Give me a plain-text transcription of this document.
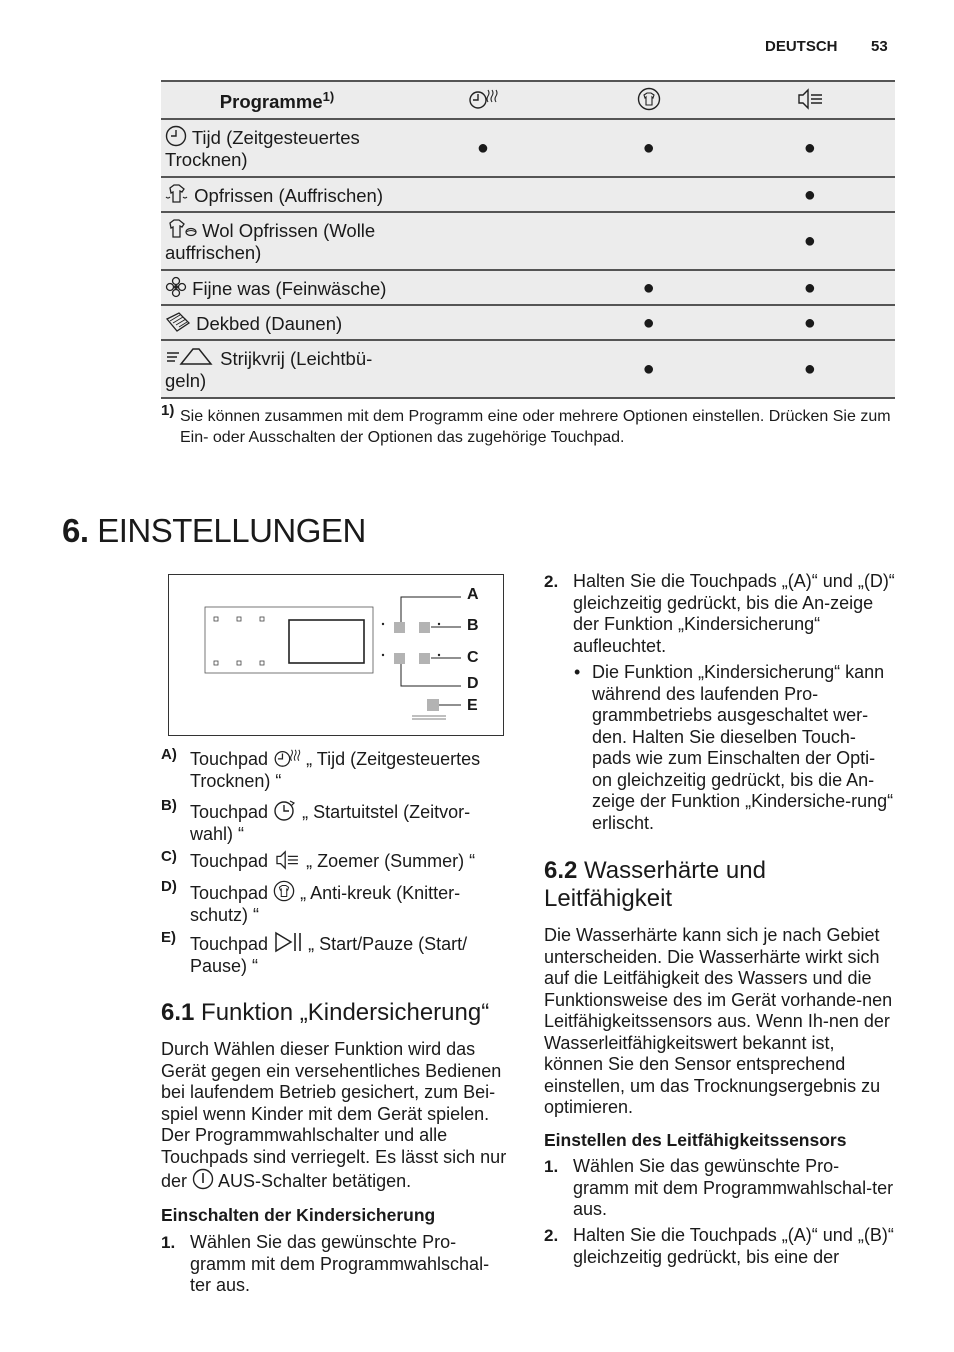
DEUTSCH 53
Programme$^{1)}$			
Tijd (Zeitgesteuertes Trocknen)	●	●	●
Opfrissen (Auffrischen)			●
Wol Opfrissen (Wolle auffrischen)			●
Fijne was (Feinwäsche)		●	●
Dekbed (Daunen)		●	●
Strijkvrij (Leichtbü-geln)		●	●
1) Sie können zusammen mit dem Programm eine oder mehrere Optionen einstellen. Drücken Sie zum Ein- oder Ausschalten der Optionen das zugehörige Touchpad.
6. EINSTELLUNGEN
A
B
C
D
E
A) Touchpad „ Tijd (Zeitgesteuertes Trocknen) “
B) Touchpad „ Startuitstel (Zeitvor-wahl) “
C) Touchpad „ Zoemer (Summer) “
D) Touchpad „ Anti-kreuk (Knitter-schutz) “
E) Touchpad „ Start/Pauze (Start/ Pause) “
6.1 Funktion „Kindersicherung“
Durch Wählen dieser Funktion wird das Gerät gegen ein versehentliches Bedienen bei laufendem Betrieb gesichert, zum Bei-spiel wenn Kinder mit dem Gerät spielen. Der Programmwahlschalter und alle Touchpads sind verriegelt. Es lässt sich nur der AUS-Schalter betätigen.
Einschalten der Kindersicherung
1. Wählen Sie das gewünschte Pro-gramm mit dem Programmwahlschal-ter aus.
2. Halten Sie die Touchpads „(A)“ und „(D)“ gleichzeitig gedrückt, bis die An-zeige der Funktion „Kindersicherung“ aufleuchtet.
• Die Funktion „Kindersicherung“ kann während des laufenden Pro-grammbetriebs ausgeschaltet wer-den. Halten Sie dieselben Touch-pads wie zum Einschalten der Opti-on gleichzeitig gedrückt, bis die An-zeige der Funktion „Kindersiche-rung“ erlischt.
6.2 Wasserhärte und
Leitfähigkeit
Die Wasserhärte kann sich je nach Gebiet unterscheiden. Die Wasserhärte wirkt sich auf die Leitfähigkeit des Wassers und die Funktionsweise des im Gerät vorhande-nen Leitfähigkeitssensors aus. Wenn Ih-nen der Wasserleitfähigkeitswert bekannt ist, können Sie den Sensor entsprechend einstellen, um das Trocknungsergebnis zu optimieren.
Einstellen des Leitfähigkeitssensors
1. Wählen Sie das gewünschte Pro-gramm mit dem Programmwahlschal-ter aus.
2. Halten Sie die Touchpads „(A)“ und „(B)“ gleichzeitig gedrückt, bis eine der
